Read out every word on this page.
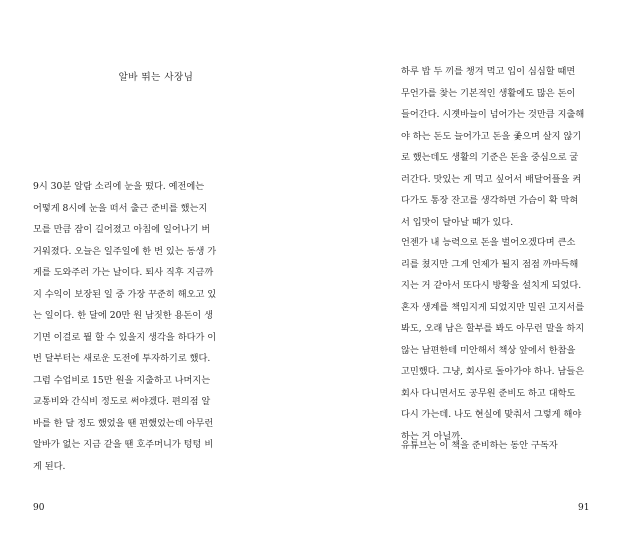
알바 뛰는 사장님
9시 30분 알람 소리에 눈을 떴다. 예전에는
어떻게 8시에 눈을 떠서 출근 준비를 했는지
모를 만큼 잠이 길어졌고 아침에 일어나기 버
거워졌다. 오늘은 일주일에 한 번 있는 동생 가
게를 도와주러 가는 날이다. 퇴사 직후 지금까
지 수익이 보장된 일 중 가장 꾸준히 해오고 있
는 일이다. 한 달에 20만 원 남짓한 용돈이 생
기면 이걸로 뭘 할 수 있을지 생각을 하다가 이
번 달부터는 새로운 도전에 투자하기로 했다.
그럼 수업비로 15만 원을 지출하고 나머지는
교통비와 간식비 정도로 써야겠다. 편의점 알
바를 한 달 정도 했었을 땐 편했었는데 아무런
알바가 없는 지금 같을 땐 호주머니가 텅텅 비
게 된다.
하루 밥 두 끼를 챙겨 먹고 입이 심심할 때면
무언가를 찾는 기본적인 생활에도 많은 돈이
들어간다. 시곗바늘이 넘어가는 것만큼 지출해
야 하는 돈도 늘어가고 돈을 좇으며 살지 않기
로 했는데도 생활의 기준은 돈을 중심으로 굴
러간다. 맛있는 게 먹고 싶어서 배달어플을 켜
다가도 통장 잔고를 생각하면 가슴이 확 막혀
서 입맛이 달아날 때가 있다.
언젠가 내 능력으로 돈을 벌어오겠다며 큰소
리를 쳤지만 그게 언제가 될지 점점 까마득해
지는 거 같아서 또다시 방황을 설치게 되었다.
혼자 생계를 책임지게 되었지만 밀린 고지서를
봐도, 오래 남은 할부를 봐도 아무런 말을 하지
않는 남편한테 미안해서 책상 앞에서 한참을
고민했다. 그냥, 회사로 돌아가야 하나. 남들은
회사 다니면서도 공무원 준비도 하고 대학도
다시 가는데. 나도 현실에 맞춰서 그렇게 해야
하는 거 아닐까.
유튜브는 이 책을 준비하는 동안 구독자
90	91
